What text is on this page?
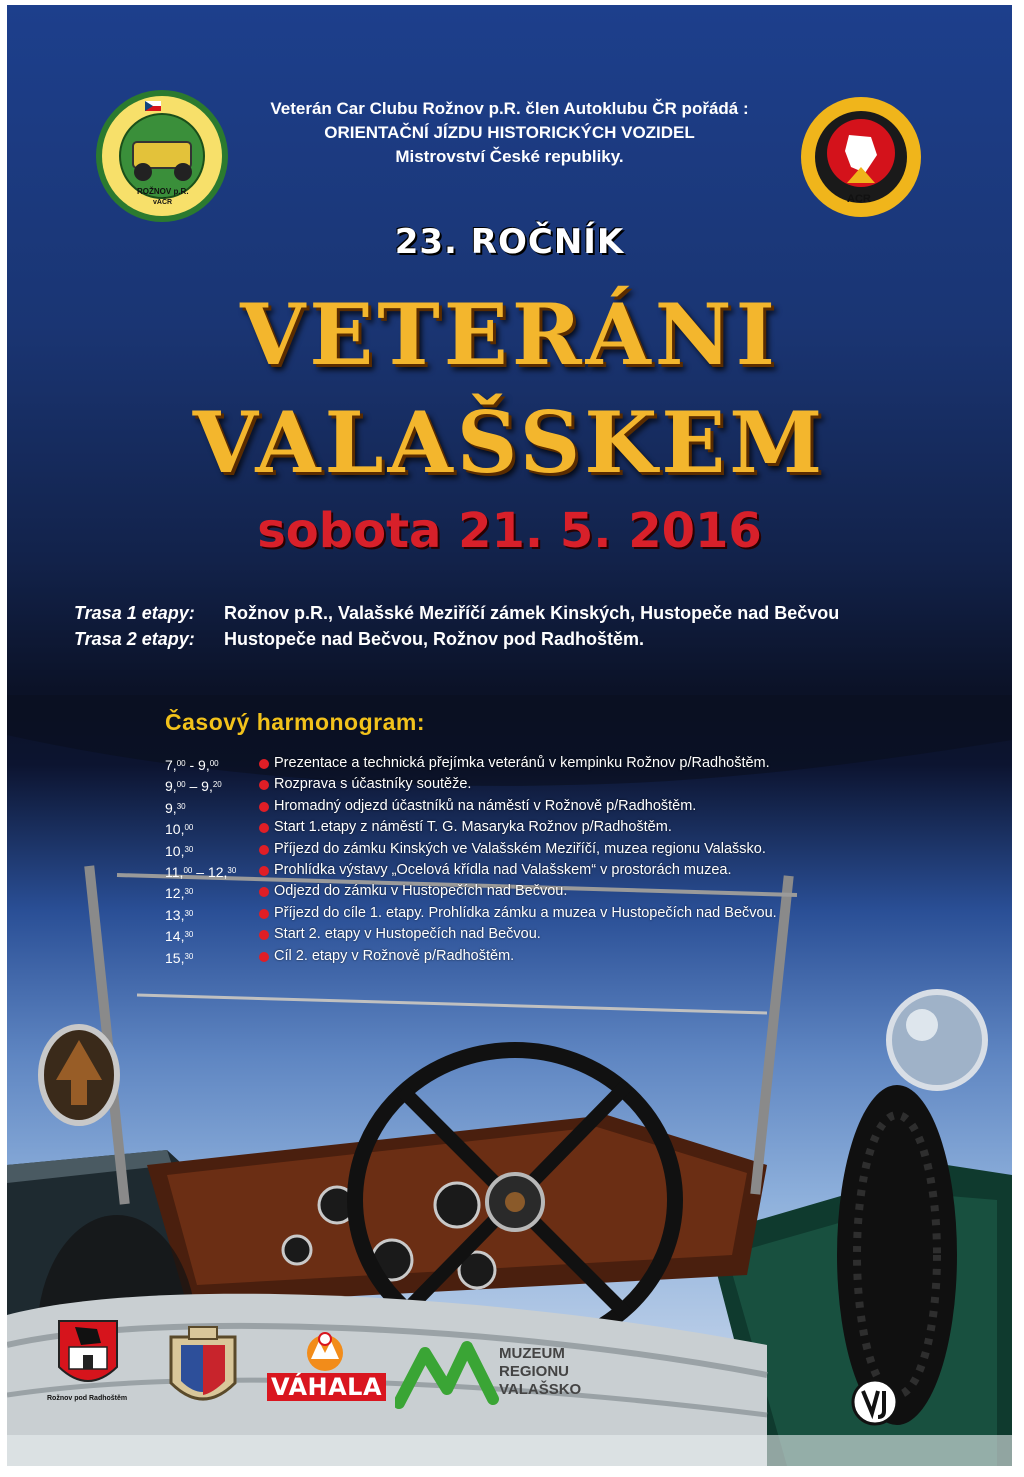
ROŽNOV p.R.
vAČR	ACR
Veterán Car Clubu Rožnov p.R. člen Autoklubu ČR pořádá :
ORIENTAČNÍ JÍZDU HISTORICKÝCH VOZIDEL
Mistrovství České republiky.
23. ROČNÍK
VETERÁNI
VALAŠSKEM
sobota 21. 5. 2016
Trasa 1 etapy: Rožnov p.R., Valašské Meziříčí zámek Kinských, Hustopeče nad Bečvou
Trasa 2 etapy: Hustopeče nad Bečvou, Rožnov pod Radhoštěm.
Časový harmonogram:
7,00 - 9,00	Prezentace a technická přejímka veteránů v kempinku Rožnov p/Radhoštěm.
9,00 – 9,20	Rozprava s účastníky soutěže.
9,30	Hromadný odjezd účastníků na náměstí v Rožnově p/Radhoštěm.
10,00	Start 1.etapy z náměstí T. G. Masaryka Rožnov p/Radhoštěm.
10,30	Příjezd do zámku Kinských ve Valašském Meziříčí, muzea regionu Valašsko.
11,00 – 12,30	Prohlídka výstavy „Ocelová křídla nad Valašskem“ v prostorách muzea.
12,30	Odjezd do zámku v Hustopečích nad Bečvou.
13,30	Příjezd do cíle 1. etapy. Prohlídka zámku a muzea v Hustopečích nad Bečvou.
14,30	Start 2. etapy v Hustopečích nad Bečvou.
15,30	Cíl 2. etapy v Rožnově p/Radhoštěm.
Rožnov pod Radhoštěm	VÁHALA
MUZEUM
REGIONU
VALAŠSKO
